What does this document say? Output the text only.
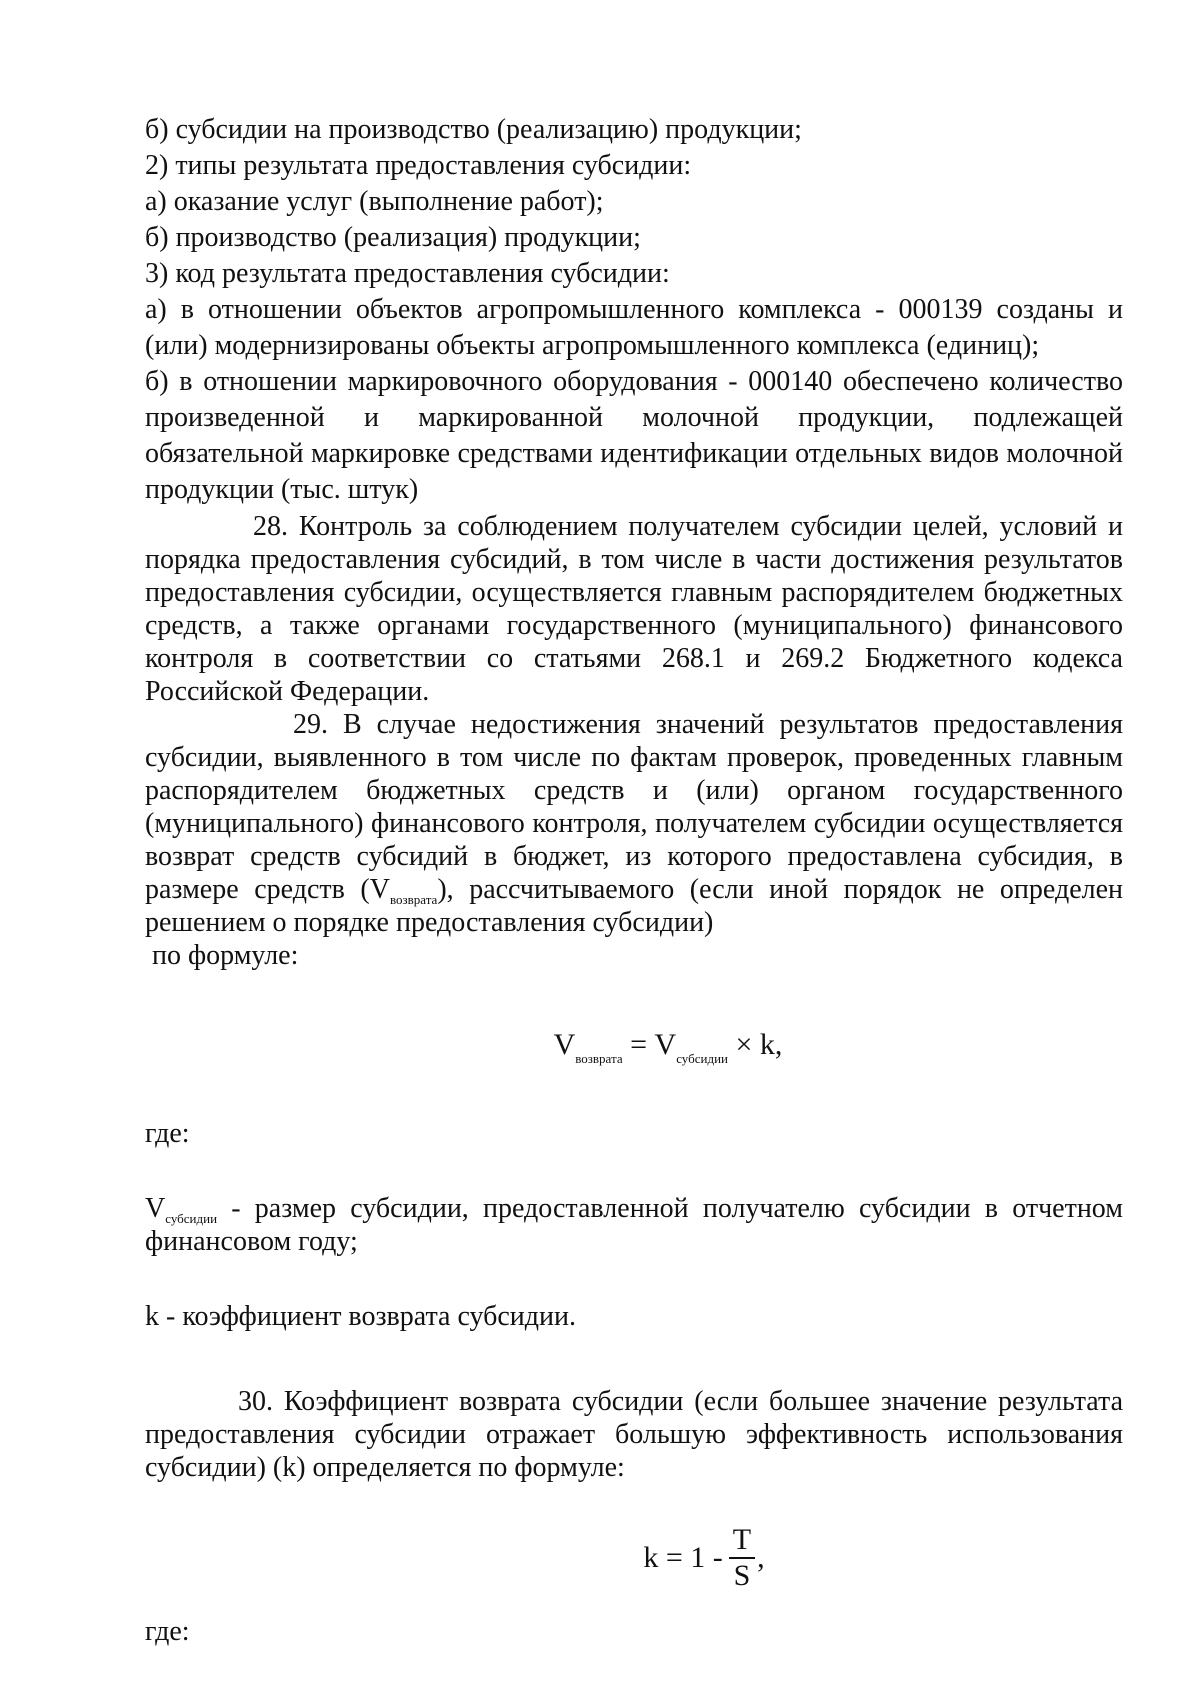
б) субсидии на производство (реализацию) продукции;

2) типы результата предоставления субсидии:

а) оказание услуг (выполнение работ);

б) производство (реализация) продукции;

3) код результата предоставления субсидии:

а) в отношении объектов агропромышленного комплекса - 000139 созданы и (или) модернизированы объекты агропромышленного комплекса (единиц);

б) в отношении маркировочного оборудования - 000140 обеспечено количество произведенной и маркированной молочной продукции, подлежащей обязательной маркировке средствами идентификации отдельных видов молочной продукции (тыс. штук)

28. Контроль за соблюдением получателем субсидии целей, условий и порядка предоставления субсидий, в том числе в части достижения результатов предоставления субсидии, осуществляется главным распорядителем бюджетных средств, а также органами государственного (муниципального) финансового контроля в соответствии со статьями 268.1 и 269.2 Бюджетного кодекса Российской Федерации.

29. В случае недостижения значений результатов предоставления субсидии, выявленного в том числе по фактам проверок, проведенных главным распорядителем бюджетных средств и (или) органом государственного (муниципального) финансового контроля, получателем субсидии осуществляется возврат средств субсидий в бюджет, из которого предоставлена субсидия, в размере средств $(V_{возврата})$, рассчитываемого (если иной порядок не определен решением о порядке предоставления субсидии)

по формуле:

$V_{возврата} = V_{субсидии} \times k$,

где:

$V_{субсидии}$ - размер субсидии, предоставленной получателю субсидии в отчетном финансовом году;

k - коэффициент возврата субсидии.

30. Коэффициент возврата субсидии (если большее значение результата предоставления субсидии отражает большую эффективность использования субсидии) (k) определяется по формуле:

$k = 1 - \frac{T}{S}$ ,

где:
